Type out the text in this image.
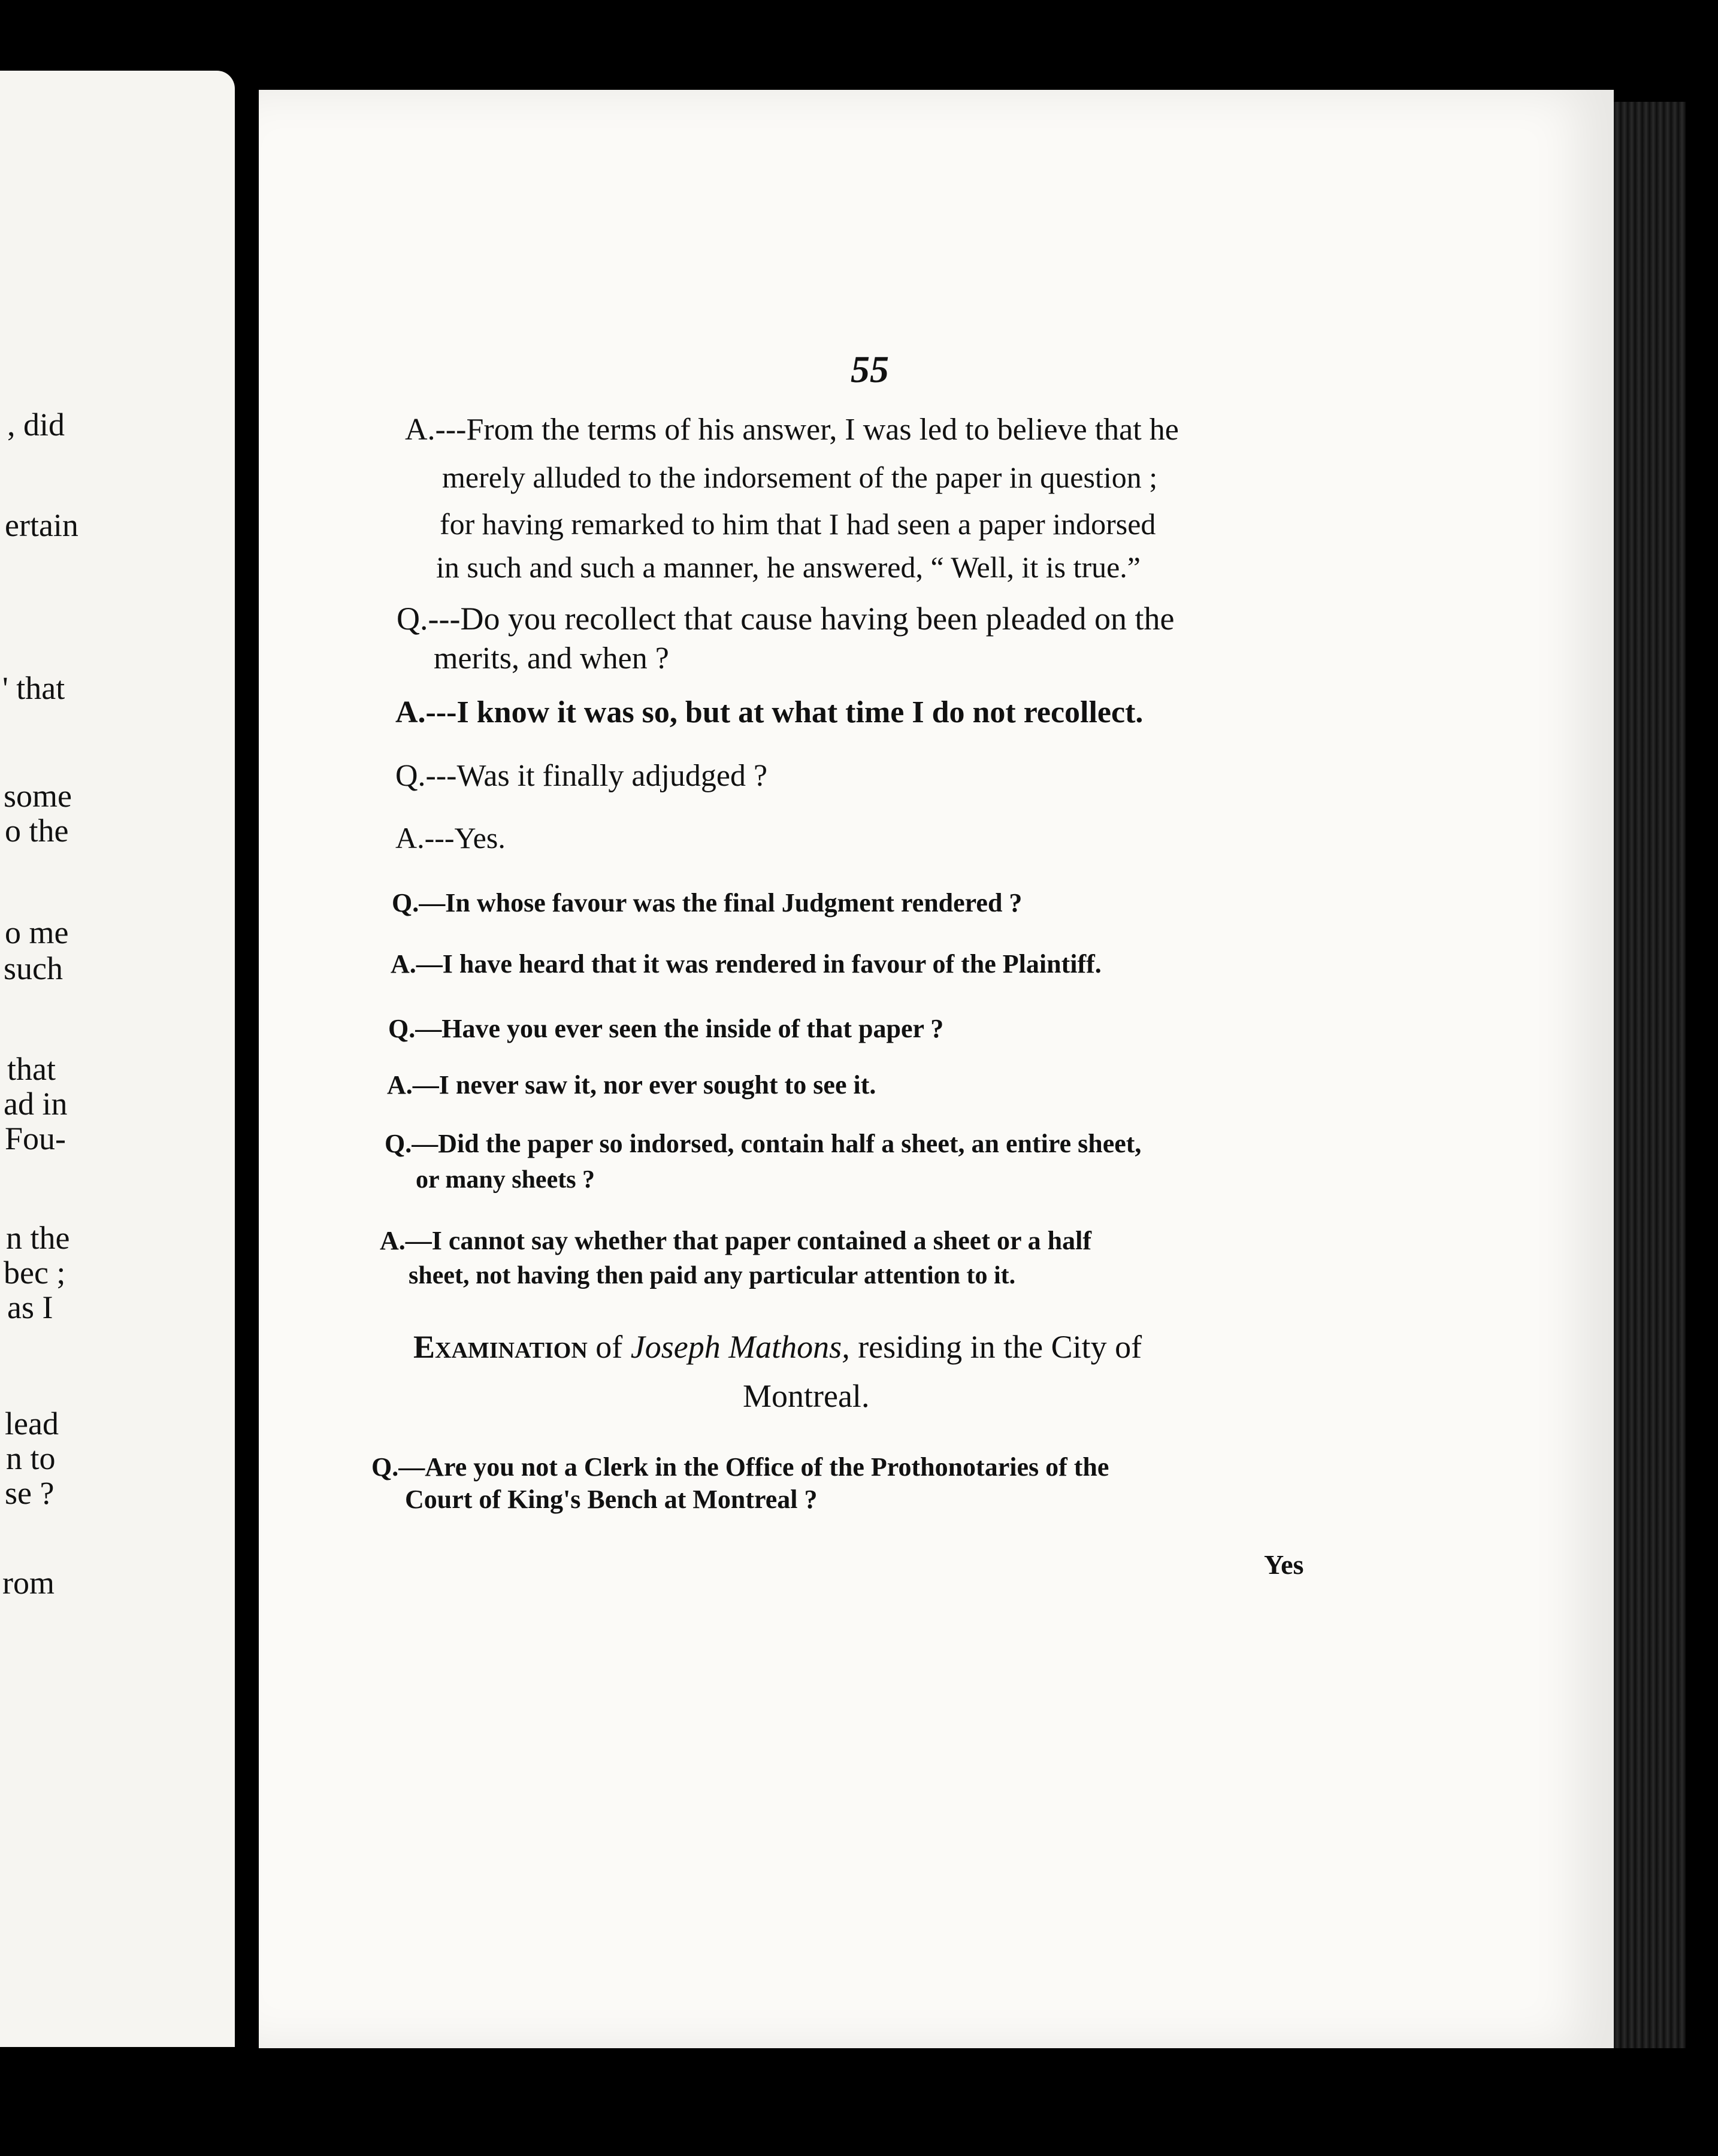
, did
ertain
' that
some
o the
o me
such
that
ad in
Fou-
n the
bec ;
as I
lead
n to
se ?
rom
55
A.---From the terms of his answer, I was led to believe that he
merely alluded to the indorsement of the paper in question ;
for having remarked to him that I had seen a paper indorsed
in such and such a manner, he answered, “ Well, it is true.”
Q.---Do you recollect that cause having been pleaded on the
merits, and when ?
A.---I know it was so, but at what time I do not recollect.
Q.---Was it finally adjudged ?
A.---Yes.
Q.—In whose favour was the final Judgment rendered ?
A.—I have heard that it was rendered in favour of the Plaintiff.
Q.—Have you ever seen the inside of that paper ?
A.—I never saw it, nor ever sought to see it.
Q.—Did the paper so indorsed, contain half a sheet, an entire sheet,
or many sheets ?
A.—I cannot say whether that paper contained a sheet or a half
sheet, not having then paid any particular attention to it.
Examination of Joseph Mathons, residing in the City of
Montreal.
Q.—Are you not a Clerk in the Office of the Prothonotaries of the
Court of King's Bench at Montreal ?
Yes
